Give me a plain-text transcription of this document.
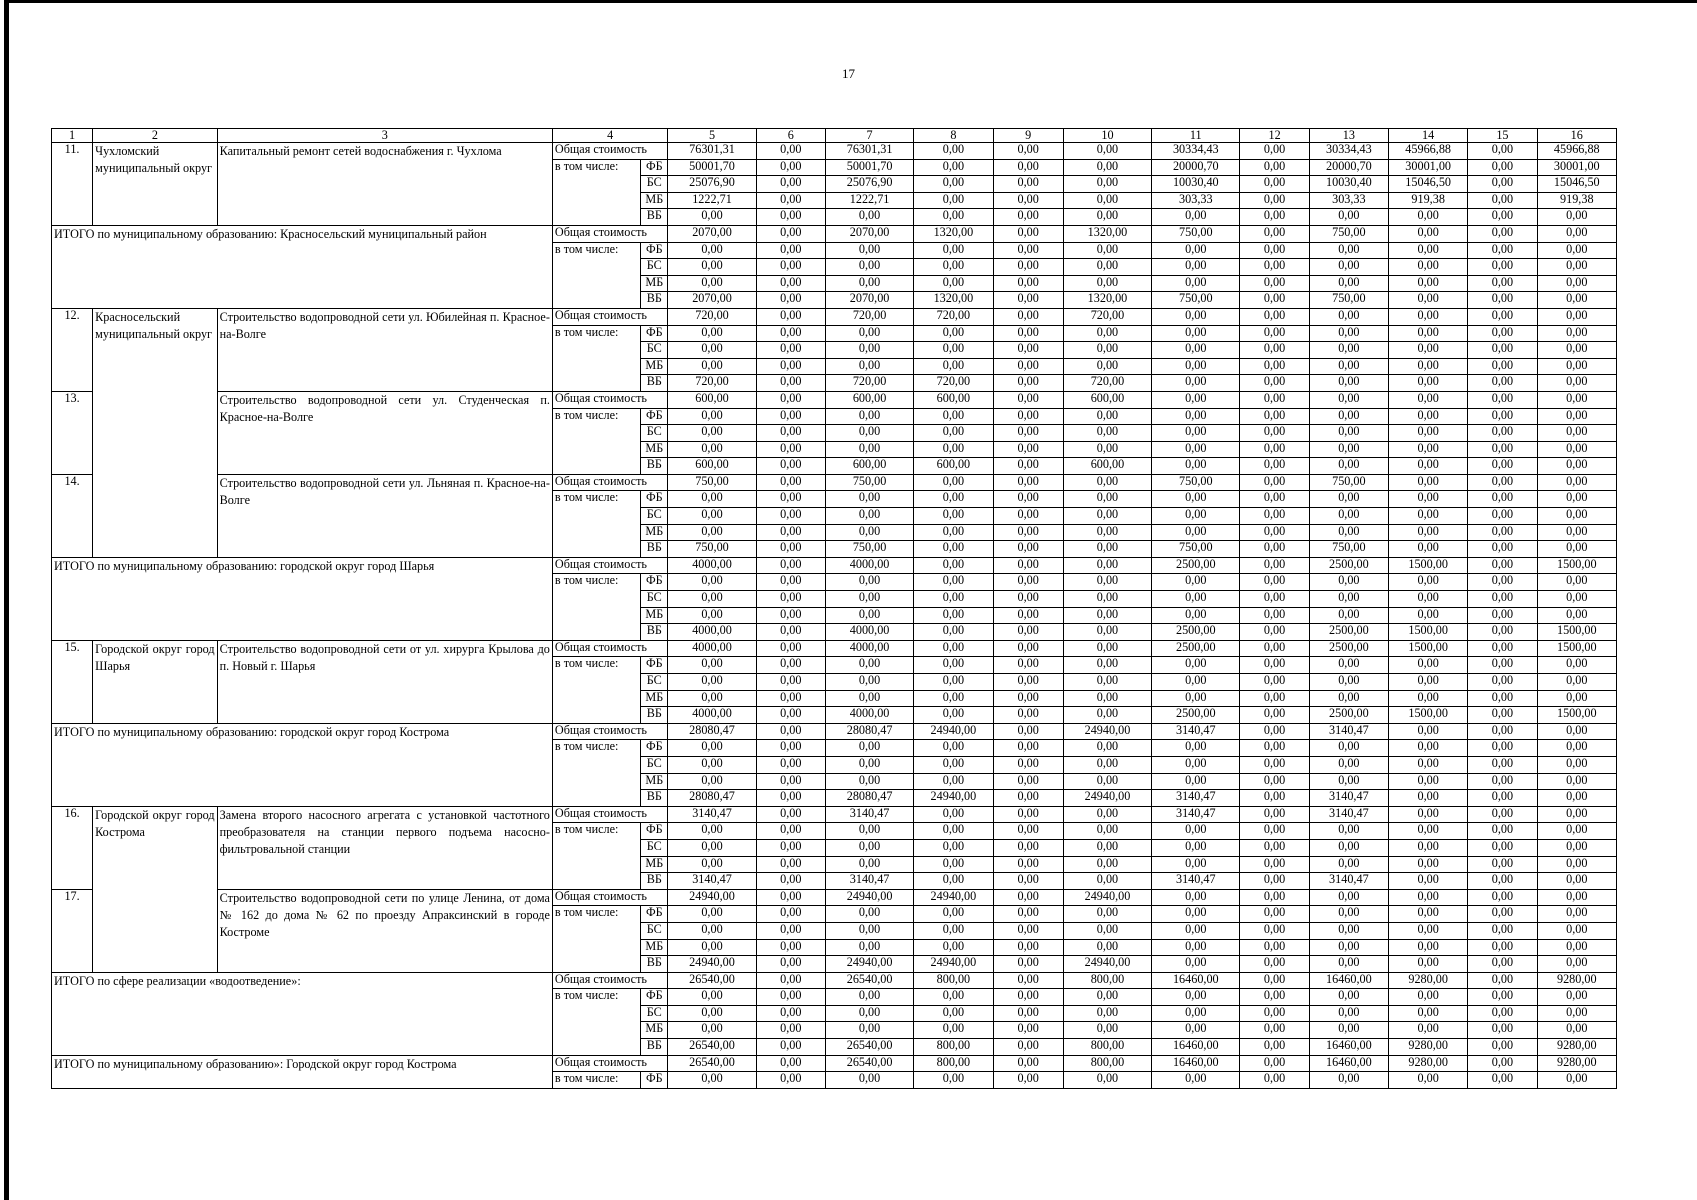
17
1	2	3	4		5	6	7	8	9	10	11	12	13	14	15	16
11.	Чухломский муниципальный округ	Капитальный ремонт сетей водоснабжения г. Чухлома	Общая стоимость		76301,31	0,00	76301,31	0,00	0,00	0,00	30334,43	0,00	30334,43	45966,88	0,00	45966,88
			в том числе:	ФБ	50001,70	0,00	50001,70	0,00	0,00	0,00	20000,70	0,00	20000,70	30001,00	0,00	30001,00
				БС	25076,90	0,00	25076,90	0,00	0,00	0,00	10030,40	0,00	10030,40	15046,50	0,00	15046,50
				МБ	1222,71	0,00	1222,71	0,00	0,00	0,00	303,33	0,00	303,33	919,38	0,00	919,38
				ВБ	0,00	0,00	0,00	0,00	0,00	0,00	0,00	0,00	0,00	0,00	0,00	0,00
ИТОГО по муниципальному образованию: Красносельский муниципальный район			Общая стоимость		2070,00	0,00	2070,00	1320,00	0,00	1320,00	750,00	0,00	750,00	0,00	0,00	0,00
			в том числе:	ФБ	0,00	0,00	0,00	0,00	0,00	0,00	0,00	0,00	0,00	0,00	0,00	0,00
				БС	0,00	0,00	0,00	0,00	0,00	0,00	0,00	0,00	0,00	0,00	0,00	0,00
				МБ	0,00	0,00	0,00	0,00	0,00	0,00	0,00	0,00	0,00	0,00	0,00	0,00
				ВБ	2070,00	0,00	2070,00	1320,00	0,00	1320,00	750,00	0,00	750,00	0,00	0,00	0,00
12.	Красносельский муниципальный округ	Строительство водопроводной сети ул. Юбилейная п. Красное-на-Волге	Общая стоимость		720,00	0,00	720,00	720,00	0,00	720,00	0,00	0,00	0,00	0,00	0,00	0,00
			в том числе:	ФБ	0,00	0,00	0,00	0,00	0,00	0,00	0,00	0,00	0,00	0,00	0,00	0,00
				БС	0,00	0,00	0,00	0,00	0,00	0,00	0,00	0,00	0,00	0,00	0,00	0,00
				МБ	0,00	0,00	0,00	0,00	0,00	0,00	0,00	0,00	0,00	0,00	0,00	0,00
				ВБ	720,00	0,00	720,00	720,00	0,00	720,00	0,00	0,00	0,00	0,00	0,00	0,00
13.		Строительство водопроводной сети ул. Студенческая п. Красное-на-Волге	Общая стоимость		600,00	0,00	600,00	600,00	0,00	600,00	0,00	0,00	0,00	0,00	0,00	0,00
			в том числе:	ФБ	0,00	0,00	0,00	0,00	0,00	0,00	0,00	0,00	0,00	0,00	0,00	0,00
				БС	0,00	0,00	0,00	0,00	0,00	0,00	0,00	0,00	0,00	0,00	0,00	0,00
				МБ	0,00	0,00	0,00	0,00	0,00	0,00	0,00	0,00	0,00	0,00	0,00	0,00
				ВБ	600,00	0,00	600,00	600,00	0,00	600,00	0,00	0,00	0,00	0,00	0,00	0,00
14.		Строительство водопроводной сети ул. Льняная п. Красное-на-Волге	Общая стоимость		750,00	0,00	750,00	0,00	0,00	0,00	750,00	0,00	750,00	0,00	0,00	0,00
			в том числе:	ФБ	0,00	0,00	0,00	0,00	0,00	0,00	0,00	0,00	0,00	0,00	0,00	0,00
				БС	0,00	0,00	0,00	0,00	0,00	0,00	0,00	0,00	0,00	0,00	0,00	0,00
				МБ	0,00	0,00	0,00	0,00	0,00	0,00	0,00	0,00	0,00	0,00	0,00	0,00
				ВБ	750,00	0,00	750,00	0,00	0,00	0,00	750,00	0,00	750,00	0,00	0,00	0,00
ИТОГО по муниципальному образованию: городской округ город Шарья			Общая стоимость		4000,00	0,00	4000,00	0,00	0,00	0,00	2500,00	0,00	2500,00	1500,00	0,00	1500,00
			в том числе:	ФБ	0,00	0,00	0,00	0,00	0,00	0,00	0,00	0,00	0,00	0,00	0,00	0,00
				БС	0,00	0,00	0,00	0,00	0,00	0,00	0,00	0,00	0,00	0,00	0,00	0,00
				МБ	0,00	0,00	0,00	0,00	0,00	0,00	0,00	0,00	0,00	0,00	0,00	0,00
				ВБ	4000,00	0,00	4000,00	0,00	0,00	0,00	2500,00	0,00	2500,00	1500,00	0,00	1500,00
15.	Городской округ город Шарья	Строительство водопроводной сети от ул. хирурга Крылова до п. Новый г. Шарья	Общая стоимость		4000,00	0,00	4000,00	0,00	0,00	0,00	2500,00	0,00	2500,00	1500,00	0,00	1500,00
			в том числе:	ФБ	0,00	0,00	0,00	0,00	0,00	0,00	0,00	0,00	0,00	0,00	0,00	0,00
				БС	0,00	0,00	0,00	0,00	0,00	0,00	0,00	0,00	0,00	0,00	0,00	0,00
				МБ	0,00	0,00	0,00	0,00	0,00	0,00	0,00	0,00	0,00	0,00	0,00	0,00
				ВБ	4000,00	0,00	4000,00	0,00	0,00	0,00	2500,00	0,00	2500,00	1500,00	0,00	1500,00
ИТОГО по муниципальному образованию: городской округ город Кострома			Общая стоимость		28080,47	0,00	28080,47	24940,00	0,00	24940,00	3140,47	0,00	3140,47	0,00	0,00	0,00
			в том числе:	ФБ	0,00	0,00	0,00	0,00	0,00	0,00	0,00	0,00	0,00	0,00	0,00	0,00
				БС	0,00	0,00	0,00	0,00	0,00	0,00	0,00	0,00	0,00	0,00	0,00	0,00
				МБ	0,00	0,00	0,00	0,00	0,00	0,00	0,00	0,00	0,00	0,00	0,00	0,00
				ВБ	28080,47	0,00	28080,47	24940,00	0,00	24940,00	3140,47	0,00	3140,47	0,00	0,00	0,00
16.	Городской округ город Кострома	Замена второго насосного агрегата с установкой частотного преобразователя на станции первого подъема насосно-фильтровальной станции	Общая стоимость		3140,47	0,00	3140,47	0,00	0,00	0,00	3140,47	0,00	3140,47	0,00	0,00	0,00
			в том числе:	ФБ	0,00	0,00	0,00	0,00	0,00	0,00	0,00	0,00	0,00	0,00	0,00	0,00
				БС	0,00	0,00	0,00	0,00	0,00	0,00	0,00	0,00	0,00	0,00	0,00	0,00
				МБ	0,00	0,00	0,00	0,00	0,00	0,00	0,00	0,00	0,00	0,00	0,00	0,00
				ВБ	3140,47	0,00	3140,47	0,00	0,00	0,00	3140,47	0,00	3140,47	0,00	0,00	0,00
17.		Строительство водопроводной сети по улице Ленина, от дома № 162 до дома № 62 по проезду Апраксинский в городе Костроме	Общая стоимость		24940,00	0,00	24940,00	24940,00	0,00	24940,00	0,00	0,00	0,00	0,00	0,00	0,00
			в том числе:	ФБ	0,00	0,00	0,00	0,00	0,00	0,00	0,00	0,00	0,00	0,00	0,00	0,00
				БС	0,00	0,00	0,00	0,00	0,00	0,00	0,00	0,00	0,00	0,00	0,00	0,00
				МБ	0,00	0,00	0,00	0,00	0,00	0,00	0,00	0,00	0,00	0,00	0,00	0,00
				ВБ	24940,00	0,00	24940,00	24940,00	0,00	24940,00	0,00	0,00	0,00	0,00	0,00	0,00
ИТОГО по сфере реализации «водоотведение»:			Общая стоимость		26540,00	0,00	26540,00	800,00	0,00	800,00	16460,00	0,00	16460,00	9280,00	0,00	9280,00
			в том числе:	ФБ	0,00	0,00	0,00	0,00	0,00	0,00	0,00	0,00	0,00	0,00	0,00	0,00
				БС	0,00	0,00	0,00	0,00	0,00	0,00	0,00	0,00	0,00	0,00	0,00	0,00
				МБ	0,00	0,00	0,00	0,00	0,00	0,00	0,00	0,00	0,00	0,00	0,00	0,00
				ВБ	26540,00	0,00	26540,00	800,00	0,00	800,00	16460,00	0,00	16460,00	9280,00	0,00	9280,00
ИТОГО по муниципальному образованию»: Городской округ город Кострома			Общая стоимость		26540,00	0,00	26540,00	800,00	0,00	800,00	16460,00	0,00	16460,00	9280,00	0,00	9280,00
			в том числе:	ФБ	0,00	0,00	0,00	0,00	0,00	0,00	0,00	0,00	0,00	0,00	0,00	0,00
